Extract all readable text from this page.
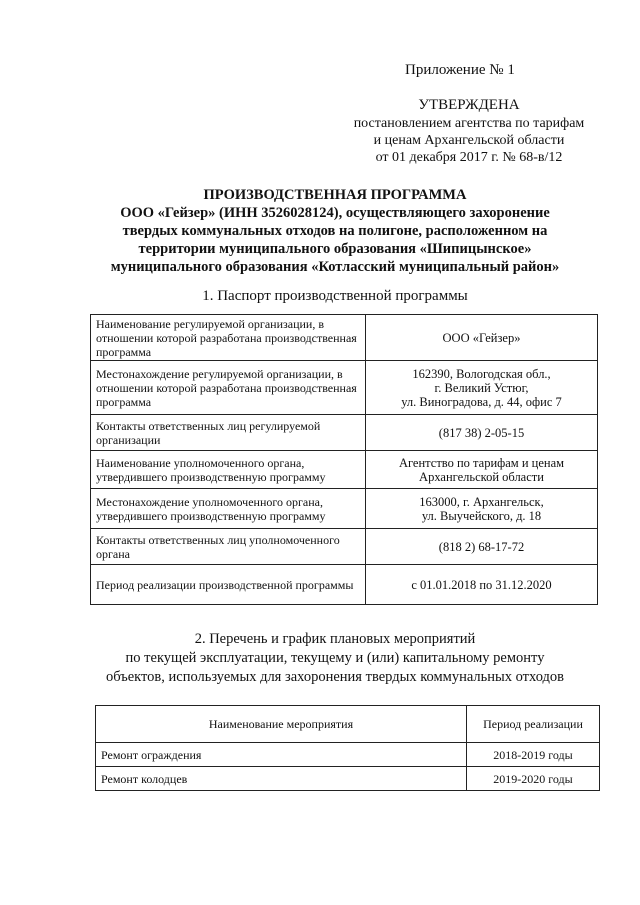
Приложение № 1
УТВЕРЖДЕНА
постановлением агентства по тарифам
и ценам Архангельской области
от 01 декабря 2017 г. № 68-в/12
ПРОИЗВОДСТВЕННАЯ ПРОГРАММА
ООО «Гейзер» (ИНН 3526028124), осуществляющего захоронение
твердых коммунальных отходов на полигоне, расположенном на
территории муниципального образования «Шипицынское»
муниципального образования «Котласский муниципальный район»
1. Паспорт производственной программы
Наименование регулируемой организации, в отношении которой разработана производственная программа	ООО «Гейзер»

Местонахождение регулируемой организации, в отношении которой разработана производственная программа	162390, Вологодская обл.,
г. Великий Устюг,
ул. Виноградова, д. 44, офис 7

Контакты ответственных лиц регулируемой организации	(817 38) 2-05-15

Наименование уполномоченного органа, утвердившего производственную программу	Агентство по тарифам и ценам
Архангельской области

Местонахождение уполномоченного органа, утвердившего производственную программу	163000, г. Архангельск,
ул. Выучейского, д. 18

Контакты ответственных лиц уполномоченного органа	(818 2) 68-17-72

Период реализации производственной программы	с 01.01.2018 по 31.12.2020
2. Перечень и график плановых мероприятий
по текущей эксплуатации, текущему и (или) капитальному ремонту
объектов, используемых для захоронения твердых коммунальных отходов
Наименование мероприятия	Период реализации
Ремонт ограждения	2018-2019 годы
Ремонт колодцев	2019-2020 годы
